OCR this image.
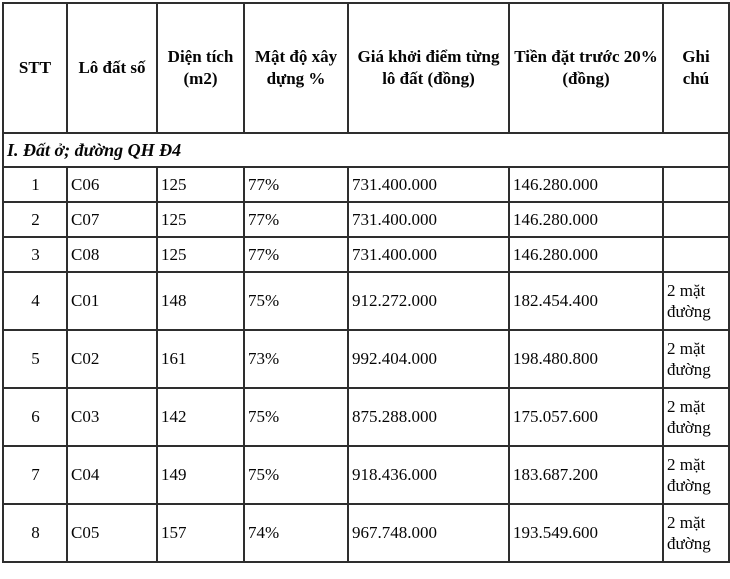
STT	Lô đất số	Diện tích (m2)	Mật độ xây dựng %	Giá khởi điểm từng lô đất (đồng)	Tiền đặt trước 20% (đồng)	Ghi chú
I. Đất ở; đường QH Đ4						
1	C06	125	77%	731.400.000	146.280.000	
2	C07	125	77%	731.400.000	146.280.000	
3	C08	125	77%	731.400.000	146.280.000	
4	C01	148	75%	912.272.000	182.454.400	2 mặt đường
5	C02	161	73%	992.404.000	198.480.800	2 mặt đường
6	C03	142	75%	875.288.000	175.057.600	2 mặt đường
7	C04	149	75%	918.436.000	183.687.200	2 mặt đường
8	C05	157	74%	967.748.000	193.549.600	2 mặt đường
